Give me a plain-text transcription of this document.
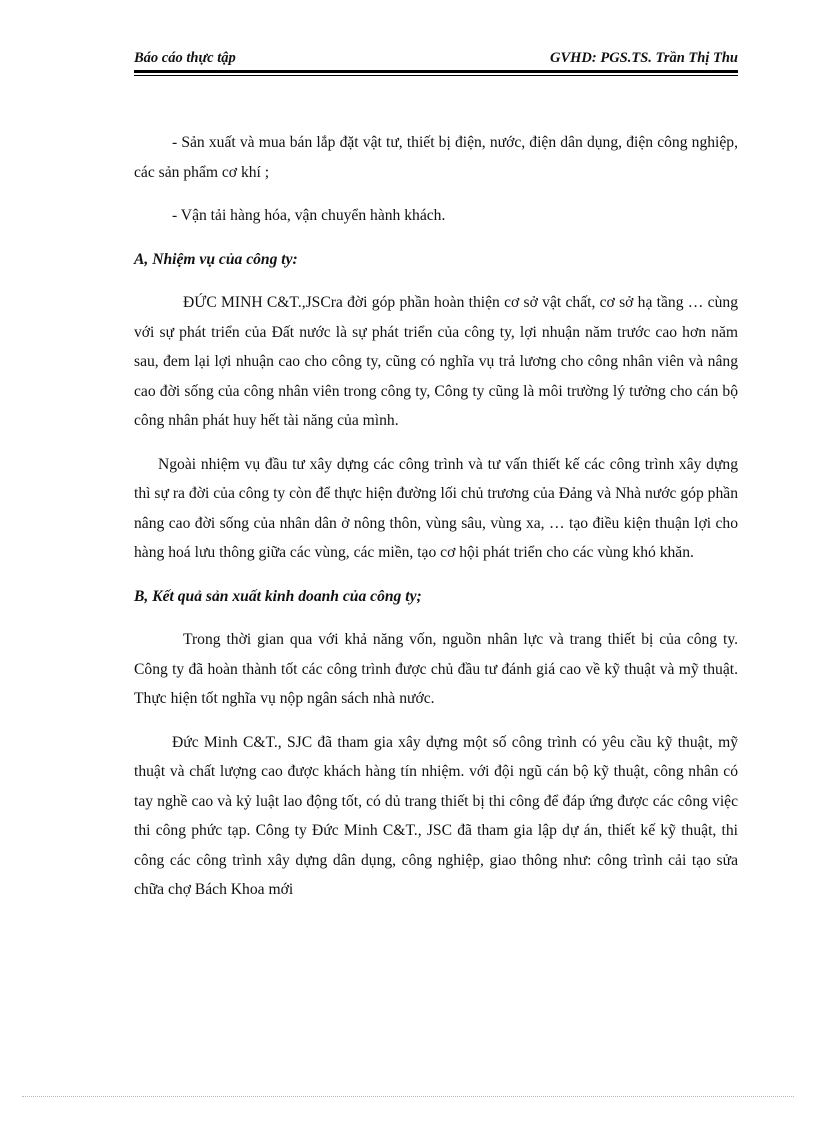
Báo cáo thực tập	GVHD: PGS.TS. Trần Thị Thu

- Sản xuất và mua bán lắp đặt vật tư, thiết bị điện, nước, điện dân dụng, điện công nghiệp, các sản phẩm cơ khí ;

- Vận tải hàng hóa, vận chuyển hành khách.

A, Nhiệm vụ của công ty:

ĐỨC MINH C&T.,JSCra đời góp phần hoàn thiện cơ sở vật chất, cơ sở hạ tầng … cùng với sự phát triển của Đất nước là sự phát triển của công ty, lợi nhuận năm trước cao hơn năm sau, đem lại lợi nhuận cao cho công ty, cũng có nghĩa vụ trả lương cho công nhân viên và nâng cao đời sống của công nhân viên trong công ty, Công ty cũng là môi trường lý tưởng cho cán bộ công nhân phát huy hết tài năng của mình.

Ngoài nhiệm vụ đầu tư xây dựng các công trình và tư vấn thiết kế các công trình xây dựng thì sự ra đời của công ty còn để thực hiện đường lối chủ trương của Đảng và Nhà nước góp phần nâng cao đời sống của nhân dân ở nông thôn, vùng sâu, vùng xa, … tạo điều kiện thuận lợi cho hàng hoá lưu thông giữa các vùng, các miền, tạo cơ hội phát triển cho các vùng khó khăn.

B, Kết quả sản xuất kinh doanh của công ty;

Trong thời gian qua với khả năng vốn, nguồn nhân lực và trang thiết bị của công ty. Công ty đã hoàn thành tốt các công trình được chủ đầu tư đánh giá cao về kỹ thuật và mỹ thuật. Thực hiện tốt nghĩa vụ nộp ngân sách nhà nước.

Đức Minh C&T., SJC đã tham gia xây dựng một số công trình có yêu cầu kỹ thuật, mỹ thuật và chất lượng cao được khách hàng tín nhiệm. với đội ngũ cán bộ kỹ thuật, công nhân có tay nghề cao và kỷ luật lao động tốt, có dủ trang thiết bị thi công để đáp ứng được các công việc thi công phức tạp. Công ty Đức Minh C&T., JSC đã tham gia lập dự án, thiết kế kỹ thuật, thi công các công trình xây dựng dân dụng, công nghiệp, giao thông như: công trình cải tạo sửa chữa chợ Bách Khoa mới
